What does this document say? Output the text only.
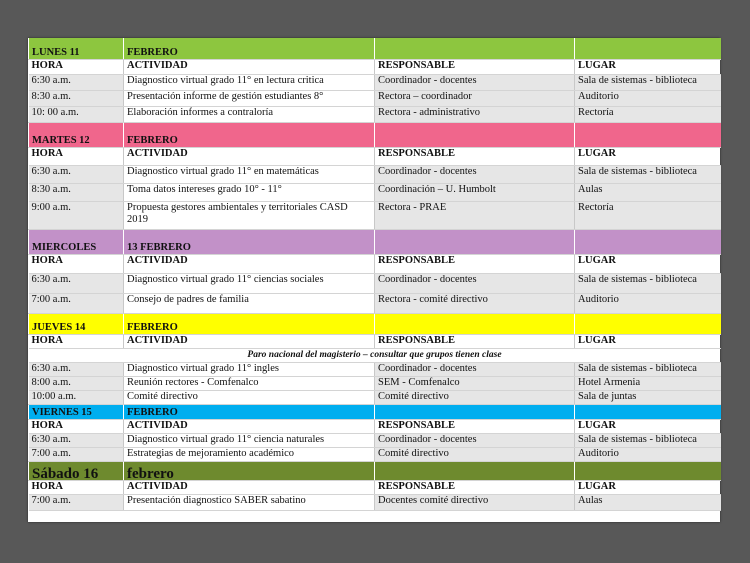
LUNES 11	FEBRERO		
HORA	ACTIVIDAD	RESPONSABLE	LUGAR
6:30 a.m.	Diagnostico virtual grado 11° en lectura critica	Coordinador - docentes	Sala de sistemas - biblioteca
8:30 a.m.	Presentación informe de gestión estudiantes 8°	Rectora – coordinador	Auditorio
10: 00 a.m.	Elaboración informes a contraloría	Rectora - administrativo	Rectoría
MARTES 12	FEBRERO		
HORA	ACTIVIDAD	RESPONSABLE	LUGAR
6:30 a.m.	Diagnostico virtual grado 11° en matemáticas	Coordinador - docentes	Sala de sistemas - biblioteca
8:30 a.m.	Toma datos intereses grado 10° - 11°	Coordinación – U. Humbolt	Aulas
9:00 a.m.	Propuesta gestores ambientales y territoriales CASD 2019	Rectora - PRAE	Rectoría
MIERCOLES	13 FEBRERO		
HORA	ACTIVIDAD	RESPONSABLE	LUGAR
6:30 a.m.	Diagnostico virtual grado 11° ciencias sociales	Coordinador - docentes	Sala de sistemas - biblioteca
7:00 a.m.	Consejo de padres de familia	Rectora - comité directivo	Auditorio
JUEVES 14	FEBRERO		
HORA	ACTIVIDAD	RESPONSABLE	LUGAR
Paro nacional del magisterio – consultar que grupos tienen clase			
6:30 a.m.	Diagnostico virtual grado 11° ingles	Coordinador - docentes	Sala de sistemas - biblioteca
8:00 a.m.	Reunión rectores - Comfenalco	SEM - Comfenalco	Hotel Armenia
10:00 a.m.	Comité directivo	Comité directivo	Sala de juntas
VIERNES 15	FEBRERO		
HORA	ACTIVIDAD	RESPONSABLE	LUGAR
6:30 a.m.	Diagnostico virtual grado 11° ciencia naturales	Coordinador - docentes	Sala de sistemas - biblioteca
7:00 a.m.	Estrategias de mejoramiento académico	Comité directivo	Auditorio
Sábado 16	febrero		
HORA	ACTIVIDAD	RESPONSABLE	LUGAR
7:00 a.m.	Presentación diagnostico SABER sabatino	Docentes comité directivo	Aulas
